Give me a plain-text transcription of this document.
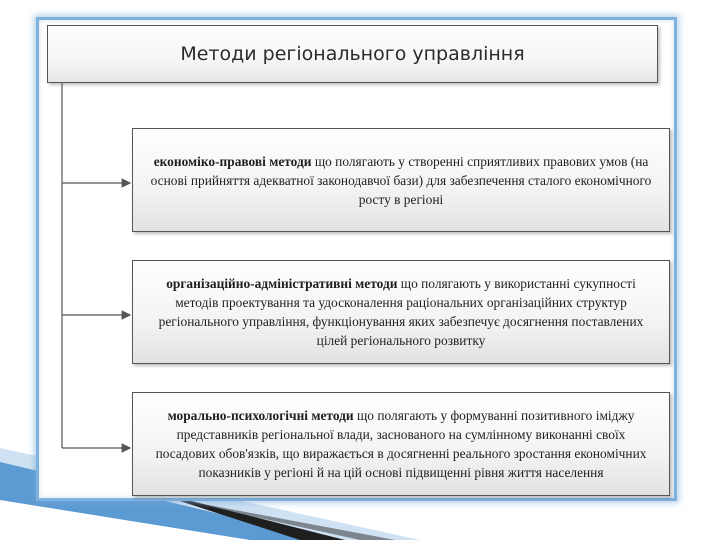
Методи регіонального управління

економіко-правові методи що полягають у створенні сприятливих правових умов (на основі прийняття адекватної законодавчої бази) для забезпечення сталого економічного росту в регіоні

організаційно-адміністративні методи що полягають у використанні сукупності методів проектування та удосконалення раціональних організаційних структур регіонального управління, функціонування яких забезпечує досягнення поставлених цілей регіонального розвитку

морально-психологічні методи що полягають у формуванні позитивного іміджу представників регіональної влади, заснованого на сумлінному виконанні своїх посадових обов'язків, що виражається в досягненні реального зростання економічних показників у регіоні й на цій основі підвищенні рівня життя населення
